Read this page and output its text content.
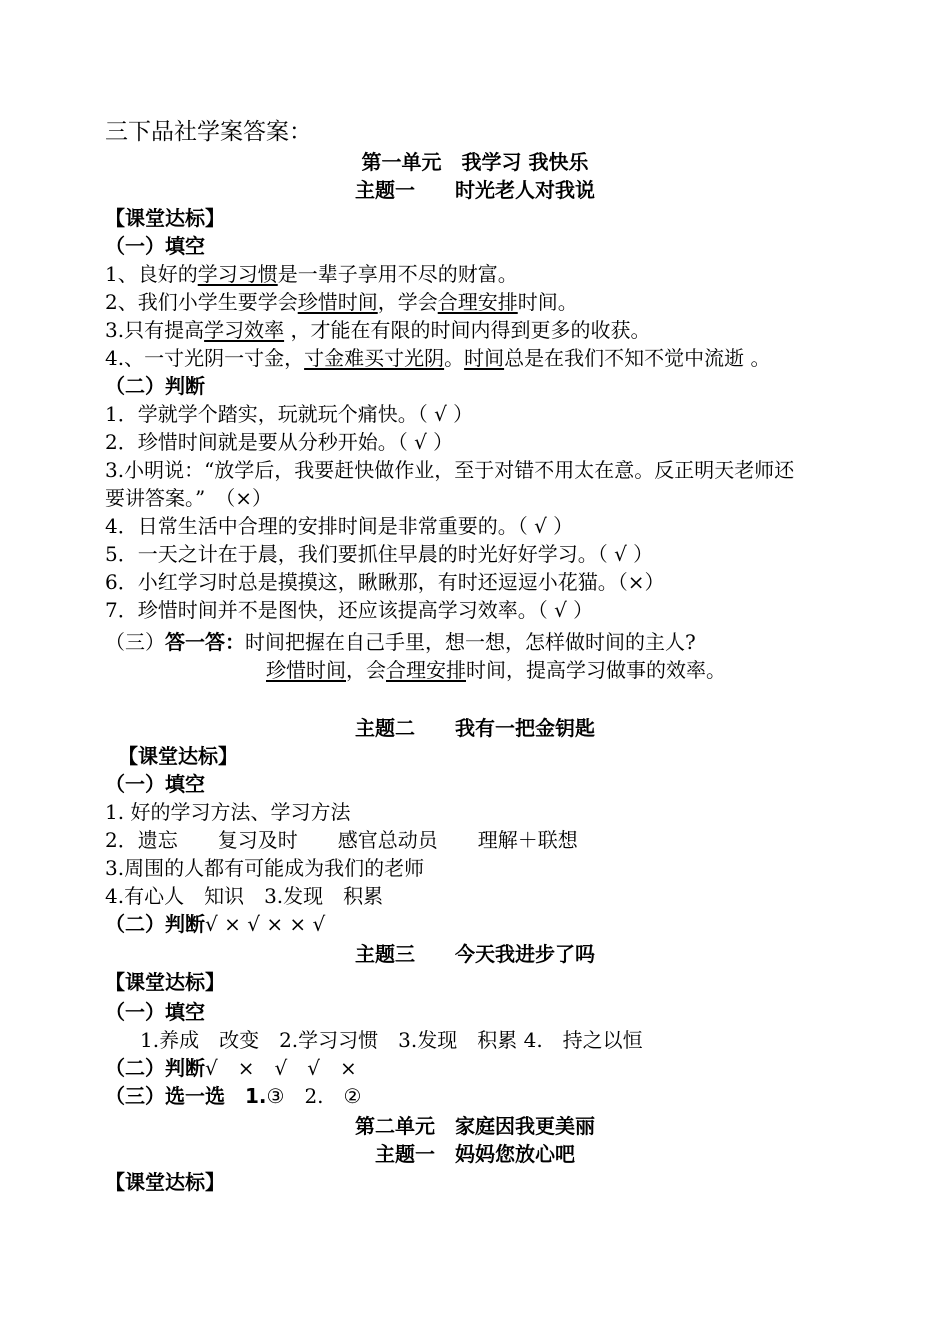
三下品社学案答案：
第一单元　我学习 我快乐
主题一　　时光老人对我说
【课堂达标】
（一）填空
1、良好的学习习惯是一辈子享用不尽的财富。
2、我们小学生要学会珍惜时间，学会合理安排时间。
3.只有提高学习效率 ，才能在有限的时间内得到更多的收获。
4.、一寸光阴一寸金，寸金难买寸光阴。时间总是在我们不知不觉中流逝 。
（二）判断
1．学就学个踏实，玩就玩个痛快。（ √ ）
2．珍惜时间就是要从分秒开始。（ √ ）
3.小明说：“放学后，我要赶快做作业，至于对错不用太在意。反正明天老师还
要讲答案。”　（×）
4．日常生活中合理的安排时间是非常重要的。（ √ ）
5．一天之计在于晨，我们要抓住早晨的时光好好学习。（ √ ）
6．小红学习时总是摸摸这，瞅瞅那，有时还逗逗小花猫。（×）
7．珍惜时间并不是图快，还应该提高学习效率。（ √ ）
（三）答一答：时间把握在自己手里，想一想，怎样做时间的主人?
珍惜时间，会合理安排时间，提高学习做事的效率。
主题二　　我有一把金钥匙
【课堂达标】
（一）填空
1. 好的学习方法、学习方法
2．遗忘　　复习及时　　感官总动员　　理解＋联想
3.周围的人都有可能成为我们的老师
4.有心人　知识　3.发现　积累
（二）判断√ × √ × × √
主题三　　今天我进步了吗
【课堂达标】
（一）填空
1.养成　改变　2.学习习惯　3.发现　积累 4.　持之以恒
（二）判断√　×　√　√　×
（三）选一选　1.③　2.　②
第二单元　家庭因我更美丽
主题一　妈妈您放心吧
【课堂达标】
